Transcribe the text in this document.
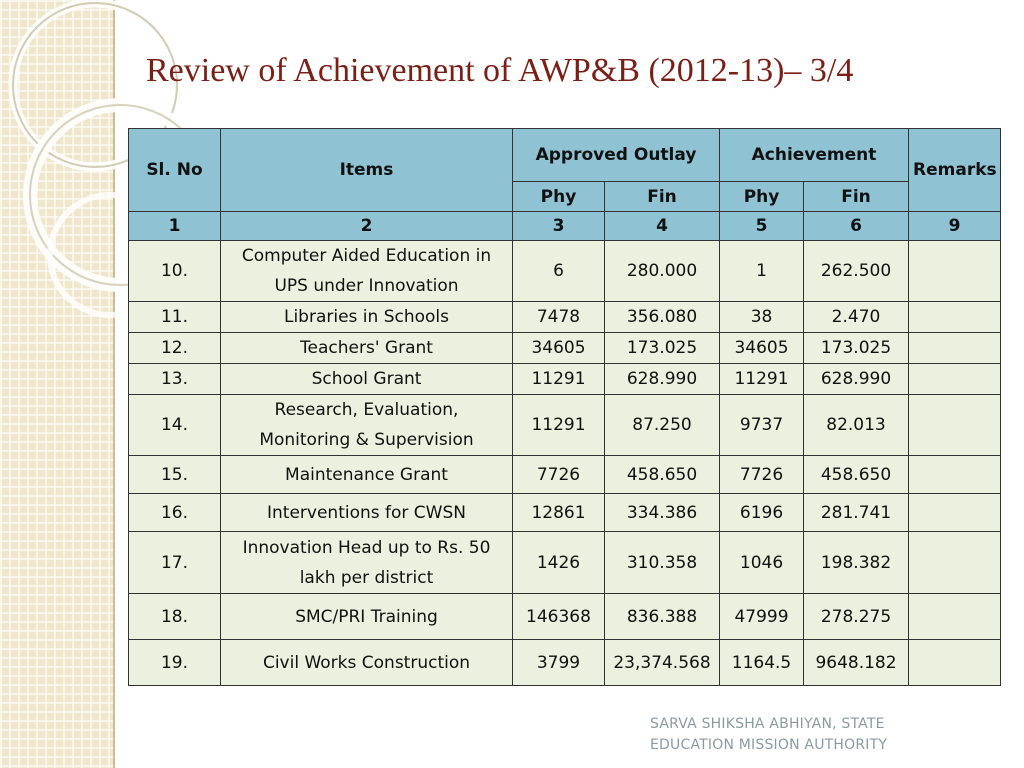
Review of Achievement of AWP&B (2012-13)– 3/4
Sl. No	Items	Approved Outlay		Achievement		Remarks
		Phy	Fin	Phy	Fin	
1	2	3	4	5	6	9
10.	Computer Aided Education in
UPS under Innovation	6	280.000	1	262.500	
11.	Libraries in Schools	7478	356.080	38	2.470	
12.	Teachers' Grant	34605	173.025	34605	173.025	
13.	School Grant	11291	628.990	11291	628.990	
14.	Research, Evaluation,
Monitoring & Supervision	11291	87.250	9737	82.013	
15.	Maintenance Grant	7726	458.650	7726	458.650	
16.	Interventions for CWSN	12861	334.386	6196	281.741	
17.	Innovation Head up to Rs. 50
lakh per district	1426	310.358	1046	198.382	
18.	SMC/PRI Training	146368	836.388	47999	278.275	
19.	Civil Works Construction	3799	23,374.568	1164.5	9648.182	
SARVA SHIKSHA ABHIYAN, STATE
EDUCATION MISSION AUTHORITY
